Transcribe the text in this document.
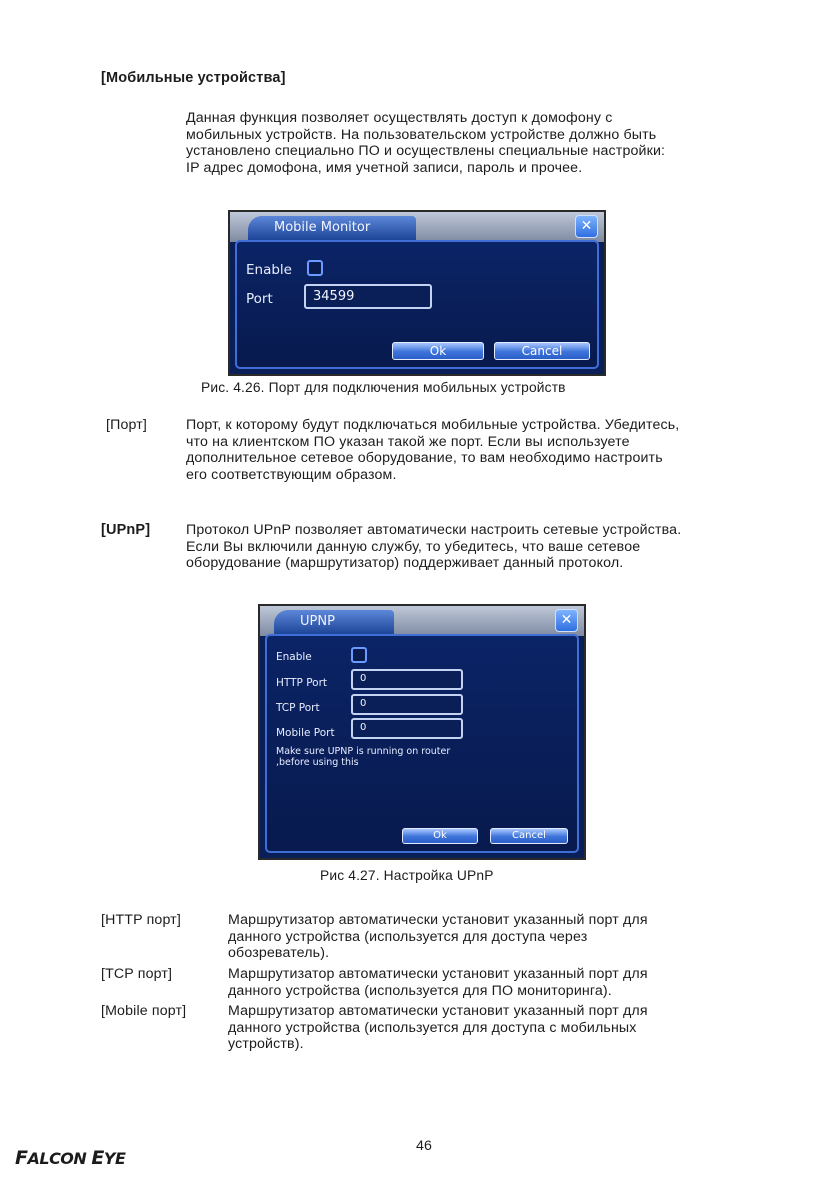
[Мобильные устройства]

Данная функция позволяет осуществлять доступ к домофону с

мобильных устройств. На пользовательском устройстве должно быть

установлено специально ПО и осуществлены специальные настройки:

IP адрес домофона, имя учетной записи, пароль и прочее.

Mobile Monitor	✕
Enable
Port	34599
Ok	Cancel
Рис. 4.26. Порт для подключения мобильных устройств
[Порт]	Порт, к которому будут подключаться мобильные устройства. Убедитесь,

что на клиентском ПО указан такой же порт. Если вы используете

дополнительное сетевое оборудование, то вам необходимо настроить

его соответствующим образом.

[UPnP]	Протокол UPnP позволяет автоматически настроить сетевые устройства.

Если Вы включили данную службу, то убедитесь, что ваше сетевое

оборудование (маршрутизатор) поддерживает данный протокол.

UPNP	✕
Enable
HTTP Port	0
TCP Port	0
Mobile Port	0
Make sure UPNP is running on router
,before using this
Ok	Cancel
Рис 4.27. Настройка UPnP
[HTTP порт]	Маршрутизатор автоматически установит указанный порт для

данного устройства (используется для доступа через

обозреватель).

[TCP порт]	Маршрутизатор автоматически установит указанный порт для

данного устройства (используется для ПО мониторинга).

[Mobile порт]	Маршрутизатор автоматически установит указанный порт для

данного устройства (используется для доступа с мобильных

устройств).

46
FALCON EYE
